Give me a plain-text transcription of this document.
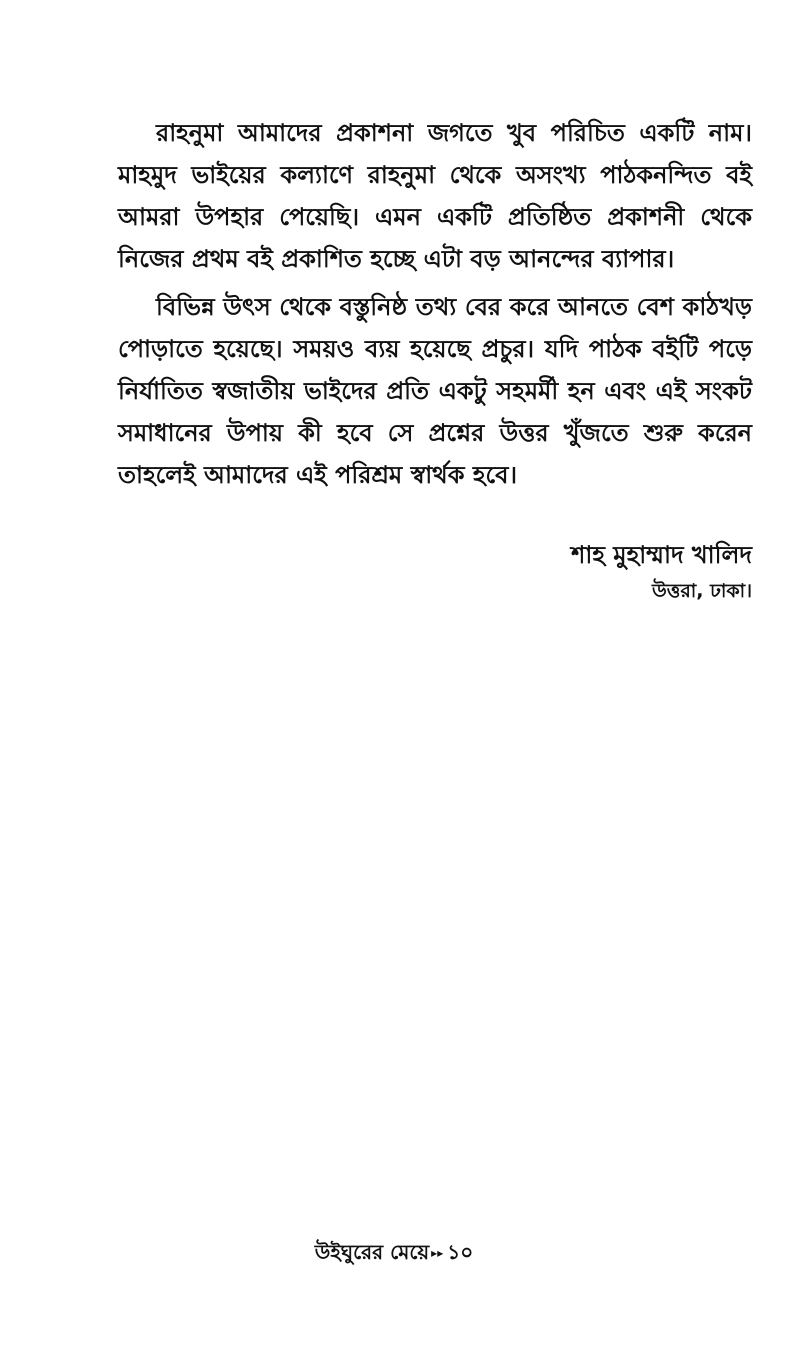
রাহনুমা আমাদের প্রকাশনা জগতে খুব পরিচিত একটি নাম। মাহমুদ ভাইয়ের কল্যাণে রাহনুমা থেকে অসংখ্য পাঠকনন্দিত বই আমরা উপহার পেয়েছি। এমন একটি প্রতিষ্ঠিত প্রকাশনী থেকে নিজের প্রথম বই প্রকাশিত হচ্ছে এটা বড় আনন্দের ব্যাপার।

বিভিন্ন উৎস থেকে বস্তুনিষ্ঠ তথ্য বের করে আনতে বেশ কাঠখড় পোড়াতে হয়েছে। সময়ও ব্যয় হয়েছে প্রচুর। যদি পাঠক বইটি পড়ে নির্যাতিত স্বজাতীয় ভাইদের প্রতি একটু সহমর্মী হন এবং এই সংকট সমাধানের উপায় কী হবে সে প্রশ্নের উত্তর খুঁজতে শুরু করেন তাহলেই আমাদের এই পরিশ্রম স্বার্থক হবে।

শাহ মুহাম্মাদ খালিদ
উত্তরা, ঢাকা।
উইঘুরের মেয়ে ▸▸ ১০
